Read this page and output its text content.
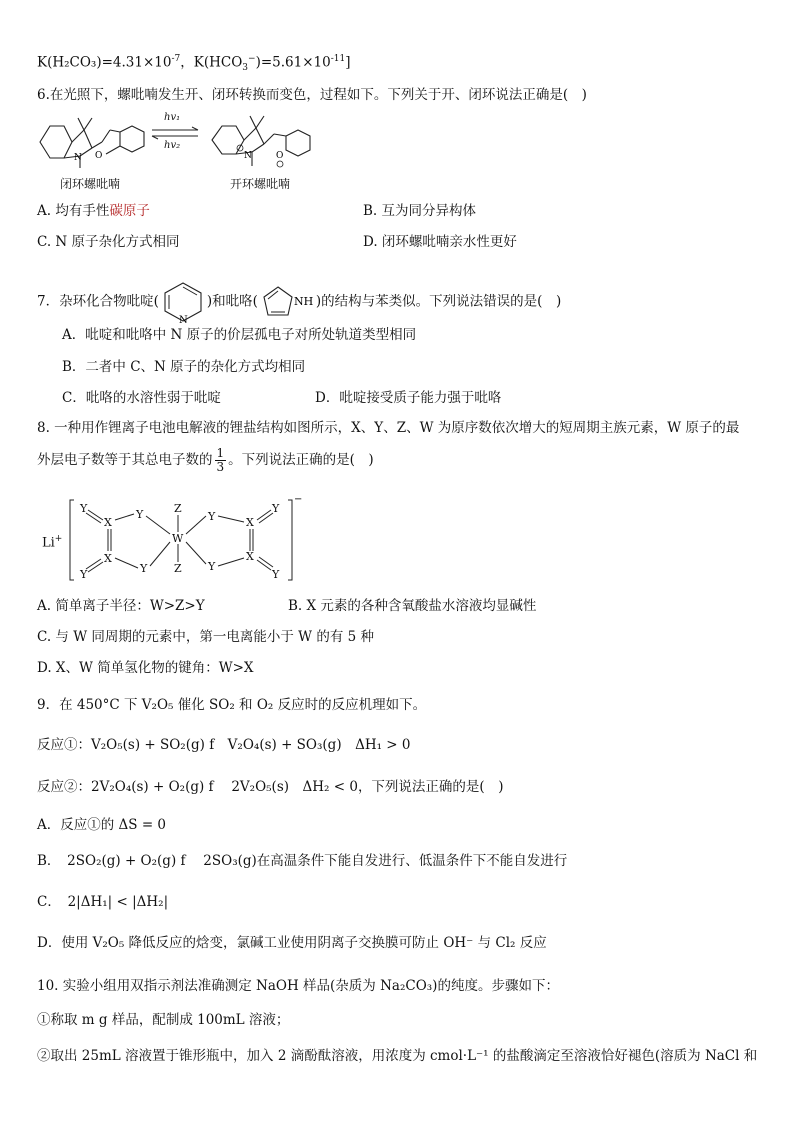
$K(H_2CO_3)=4.31\times 10^{-7}$，$K(HCO_3^-)=5.61\times 10^{-11}$]
6.在光照下，螺吡喃发生开、闭环转换而变色，过程如下。下列关于开、闭环说法正确是(　)
N O
闭环螺吡喃
hv₁
hv₂
N	O
开环螺吡喃
A. 均有手性碳原子	B. 互为同分异构体
C. N 原子杂化方式相同	D. 闭环螺吡喃亲水性更好
7．杂环化合物吡啶(
N
)和吡咯(	NH )的结构与苯类似。下列说法错误的是(　)
A．吡啶和吡咯中 N 原子的价层孤电子对所处轨道类型相同
B．二者中 C、N 原子的杂化方式均相同
C．吡咯的水溶性弱于吡啶	D．吡啶接受质子能力强于吡咯
8. 一种用作锂离子电池电解液的锂盐结构如图所示，X、Y、Z、W 为原序数依次增大的短周期主族元素，W 原子的最
外层电子数等于其总电子数的 $\frac{1}{3}$ 。下列说法正确的是(　)
Li+
Y
X
X
Y
Y
Y
Z
W
Z
Y
Y
X
X
Y
Y
−
A. 简单离子半径：W>Z>Y	B. X 元素的各种含氧酸盐水溶液均显碱性
C. 与 W 同周期的元素中，第一电离能小于 W 的有 5 种
D. X、W 简单氢化物的键角：W>X
9．在 450°C 下 V₂O₅ 催化 SO₂ 和 O₂ 反应时的反应机理如下。
反应①：V₂O₅(s) + SO₂(g) f　V₂O₄(s) + SO₃(g)　ΔH₁ > 0
反应②：2V₂O₄(s) + O₂(g) f　 2V₂O₅(s)　ΔH₂ < 0，下列说法正确的是(　)
A．反应①的 ΔS = 0
B．　2SO₂(g) + O₂(g) f　 2SO₃(g)在高温条件下能自发进行、低温条件下不能自发进行
C．　2|ΔH₁| < |ΔH₂|
D．使用 V₂O₅ 降低反应的焓变，氯碱工业使用阴离子交换膜可防止 OH⁻ 与 Cl₂ 反应
10. 实验小组用双指示剂法准确测定 NaOH 样品(杂质为 Na₂CO₃)的纯度。步骤如下：
①称取 m g 样品，配制成 100mL 溶液；
②取出 25mL 溶液置于锥形瓶中，加入 2 滴酚酞溶液，用浓度为 cmol·L⁻¹ 的盐酸滴定至溶液恰好褪色(溶质为 NaCl 和
